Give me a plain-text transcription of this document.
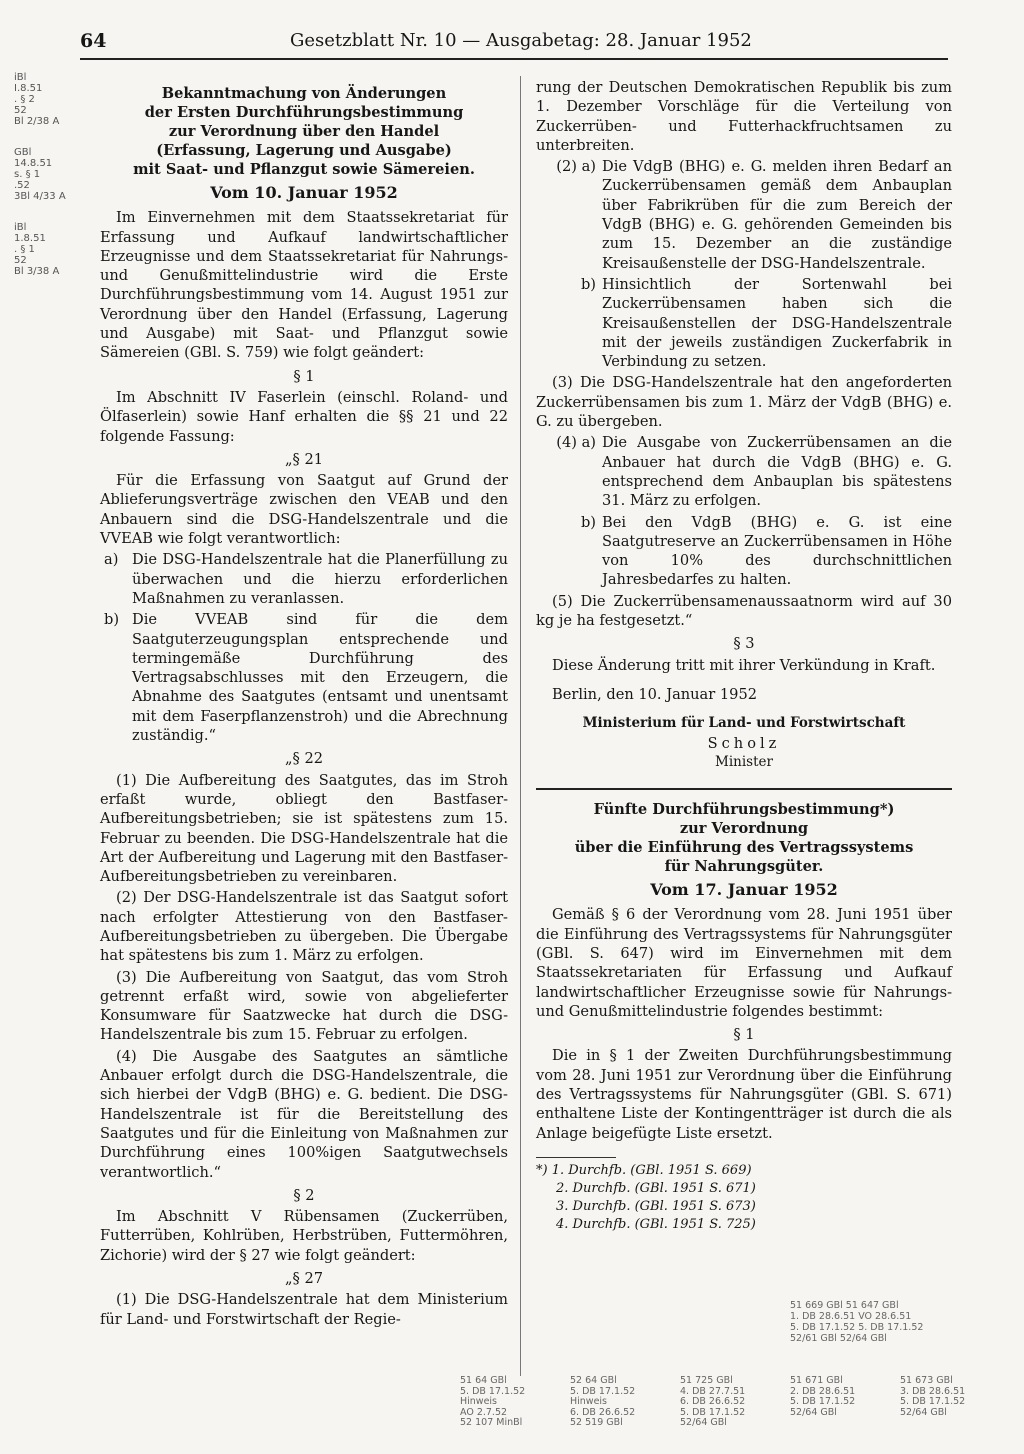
64	Gesetzblatt Nr. 10 — Ausgabetag: 28. Januar 1952
iBl
I.8.51
. § 2
52
Bl 2/38 A
GBl
14.8.51
s. § 1
.52
3Bl 4/33 A
iBl
1.8.51
. § 1
52
Bl 3/38 A
Bekanntmachung von Änderungen
der Ersten Durchführungsbestimmung
zur Verordnung über den Handel
(Erfassung, Lagerung und Ausgabe)
mit Saat- und Pflanzgut sowie Sämereien.
Vom 10. Januar 1952

Im Einvernehmen mit dem Staatssekretariat für Erfassung und Aufkauf landwirtschaftlicher Erzeugnisse und dem Staatssekretariat für Nahrungs- und Genußmittelindustrie wird die Erste Durchführungsbestimmung vom 14. August 1951 zur Verordnung über den Handel (Erfassung, Lagerung und Ausgabe) mit Saat- und Pflanzgut sowie Sämereien (GBl. S. 759) wie folgt geändert:

§ 1

Im Abschnitt IV Faserlein (einschl. Roland- und Ölfaserlein) sowie Hanf erhalten die §§ 21 und 22 folgende Fassung:

„§ 21

Für die Erfassung von Saatgut auf Grund der Ablieferungsverträge zwischen den VEAB und den Anbauern sind die DSG-Handelszentrale und die VVEAB wie folgt verantwortlich:

a) Die DSG-Handelszentrale hat die Planerfüllung zu überwachen und die hierzu erforderlichen Maßnahmen zu veranlassen.
b) Die VVEAB sind für die dem Saatguterzeugungsplan entsprechende und termingemäße Durchführung des Vertragsabschlusses mit den Erzeugern, die Abnahme des Saatgutes (entsamt und unentsamt mit dem Faserpflanzenstroh) und die Abrechnung zuständig.“
„§ 22

(1) Die Aufbereitung des Saatgutes, das im Stroh erfaßt wurde, obliegt den Bastfaser-Aufbereitungsbetrieben; sie ist spätestens zum 15. Februar zu beenden. Die DSG-Handelszentrale hat die Art der Aufbereitung und Lagerung mit den Bastfaser-Aufbereitungsbetrieben zu vereinbaren.

(2) Der DSG-Handelszentrale ist das Saatgut sofort nach erfolgter Attestierung von den Bastfaser-Aufbereitungsbetrieben zu übergeben. Die Übergabe hat spätestens bis zum 1. März zu erfolgen.

(3) Die Aufbereitung von Saatgut, das vom Stroh getrennt erfaßt wird, sowie von abgelieferter Konsumware für Saatzwecke hat durch die DSG-Handelszentrale bis zum 15. Februar zu erfolgen.

(4) Die Ausgabe des Saatgutes an sämtliche Anbauer erfolgt durch die DSG-Handelszentrale, die sich hierbei der VdgB (BHG) e. G. bedient. Die DSG-Handelszentrale ist für die Bereitstellung des Saatgutes und für die Einleitung von Maßnahmen zur Durchführung eines 100%igen Saatgutwechsels verantwortlich.“

§ 2

Im Abschnitt V Rübensamen (Zuckerrüben, Futterrüben, Kohlrüben, Herbstrüben, Futtermöhren, Zichorie) wird der § 27 wie folgt geändert:

„§ 27

(1) Die DSG-Handelszentrale hat dem Ministerium für Land- und Forstwirtschaft der Regie-

rung der Deutschen Demokratischen Republik bis zum 1. Dezember Vorschläge für die Verteilung von Zuckerrüben- und Futterhackfruchtsamen zu unterbreiten.

(2) a) Die VdgB (BHG) e. G. melden ihren Bedarf an Zuckerrübensamen gemäß dem Anbauplan über Fabrikrüben für die zum Bereich der VdgB (BHG) e. G. gehörenden Gemeinden bis zum 15. Dezember an die zuständige Kreisaußenstelle der DSG-Handelszentrale.
b) Hinsichtlich der Sortenwahl bei Zuckerrübensamen haben sich die Kreisaußenstellen der DSG-Handelszentrale mit der jeweils zuständigen Zuckerfabrik in Verbindung zu setzen.

(3) Die DSG-Handelszentrale hat den angeforderten Zuckerrübensamen bis zum 1. März der VdgB (BHG) e. G. zu übergeben.

(4) a) Die Ausgabe von Zuckerrübensamen an die Anbauer hat durch die VdgB (BHG) e. G. entsprechend dem Anbauplan bis spätestens 31. März zu erfolgen.
b) Bei den VdgB (BHG) e. G. ist eine Saatgutreserve an Zuckerrübensamen in Höhe von 10% des durchschnittlichen Jahresbedarfes zu halten.

(5) Die Zuckerrübensamenaussaatnorm wird auf 30 kg je ha festgesetzt.“

§ 3

Diese Änderung tritt mit ihrer Verkündung in Kraft.

Berlin, den 10. Januar 1952

Ministerium für Land- und Forstwirtschaft
Scholz
Minister
Fünfte Durchführungsbestimmung*)
zur Verordnung
über die Einführung des Vertragssystems
für Nahrungsgüter.
Vom 17. Januar 1952

Gemäß § 6 der Verordnung vom 28. Juni 1951 über die Einführung des Vertragssystems für Nahrungsgüter (GBl. S. 647) wird im Einvernehmen mit dem Staatssekretariaten für Erfassung und Aufkauf landwirtschaftlicher Erzeugnisse sowie für Nahrungs- und Genußmittelindustrie folgendes bestimmt:

§ 1

Die in § 1 der Zweiten Durchführungsbestimmung vom 28. Juni 1951 zur Verordnung über die Einführung des Vertragssystems für Nahrungsgüter (GBl. S. 671) enthaltene Liste der Kontingentträger ist durch die als Anlage beigefügte Liste ersetzt.

*) 1. Durchfb. (GBl. 1951 S. 669)
2. Durchfb. (GBl. 1951 S. 671)
3. Durchfb. (GBl. 1951 S. 673)
4. Durchfb. (GBl. 1951 S. 725)
51 669 GBl 51 647 GBl
1. DB 28.6.51 VO 28.6.51
5. DB 17.1.52 5. DB 17.1.52
52/61 GBl 52/64 GBl
51 64 GBl
5. DB 17.1.52
Hinweis
AO 2.7.52
52 107 MinBl
52 64 GBl
5. DB 17.1.52
Hinweis
6. DB 26.6.52
52 519 GBl
51 725 GBl
4. DB 27.7.51
6. DB 26.6.52
5. DB 17.1.52
52/64 GBl
51 671 GBl
2. DB 28.6.51
5. DB 17.1.52
52/64 GBl
51 673 GBl
3. DB 28.6.51
5. DB 17.1.52
52/64 GBl
